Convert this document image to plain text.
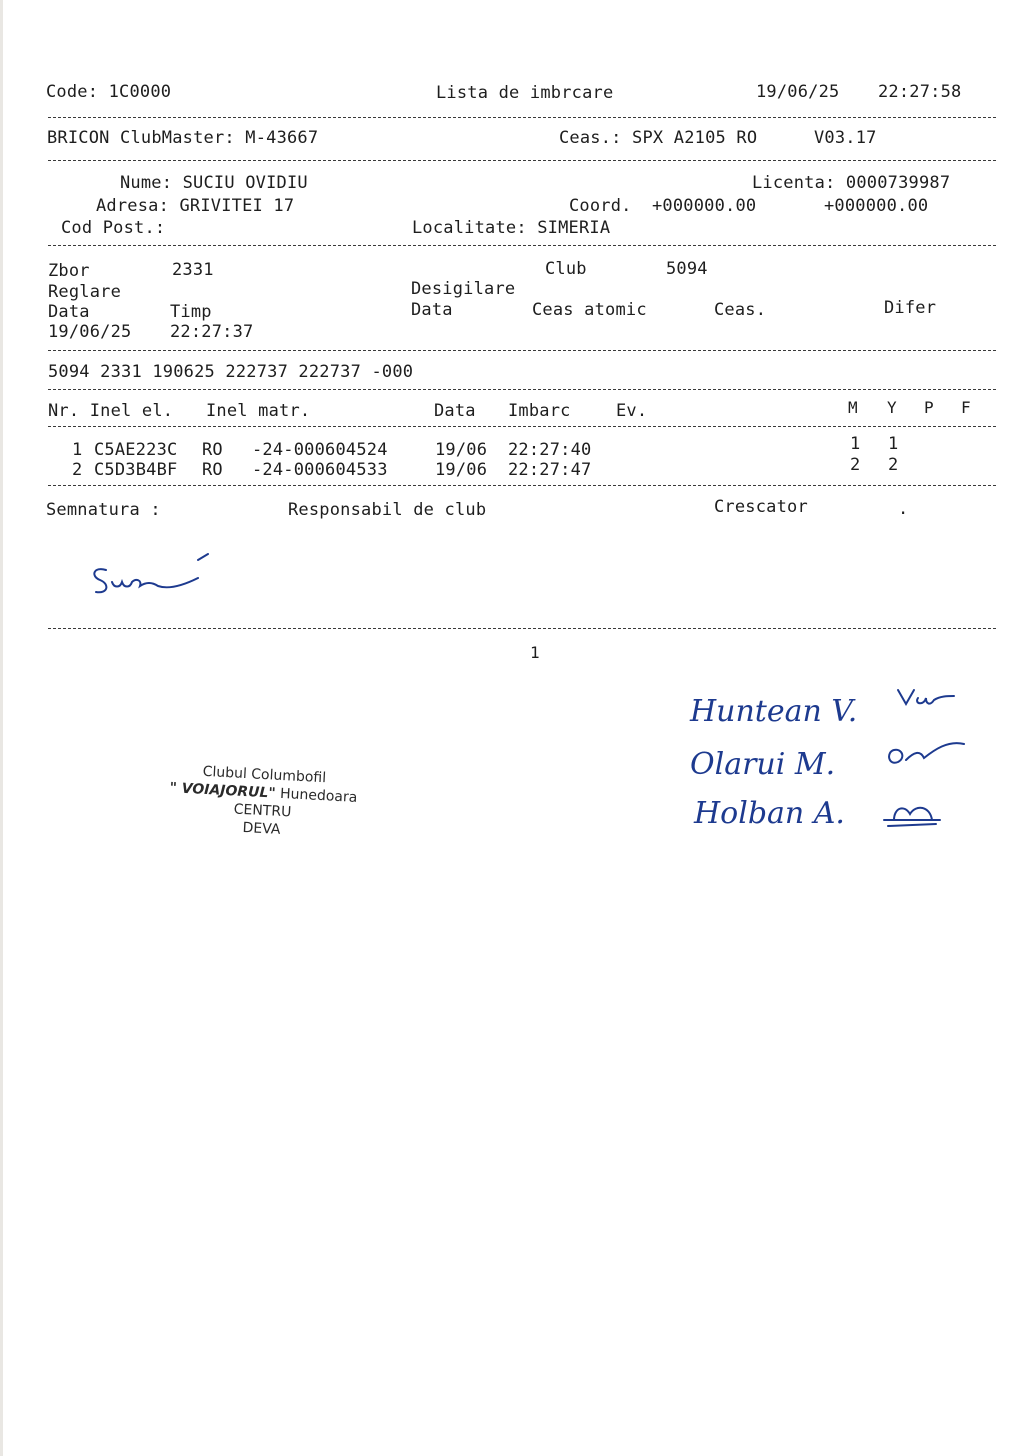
Code: 1C0000	Lista de imbrcare	19/06/25 22:27:58
BRICON ClubMaster: M-43667	Ceas.: SPX A2105 RO	V03.17
Nume: SUCIU OVIDIU	Licenta: 0000739987
Adresa: GRIVITEI 17	Coord. +000000.00	+000000.00
Cod Post.:	Localitate: SIMERIA
Zbor	2331	Club	5094
Reglare	Desigilare
Data	Timp	Data	Ceas atomic	Ceas.	Difer
19/06/25 22:27:37
5094 2331 190625 222737 222737 -000
Nr. Inel el. Inel matr.	Data Imbarc	Ev.	M Y P F
1 C5AE223C RO -24-000604524	19/06 22:27:40	1 1
2 C5D3B4BF RO -24-000604533	19/06 22:27:47	2 2
Semnatura :	Responsabil de club	Crescator	.
1
Clubul Columbofil
" VOIAJORUL" Hunedoara
CENTRU
DEVA
Huntean V.
Olarui M.
Holban A.
